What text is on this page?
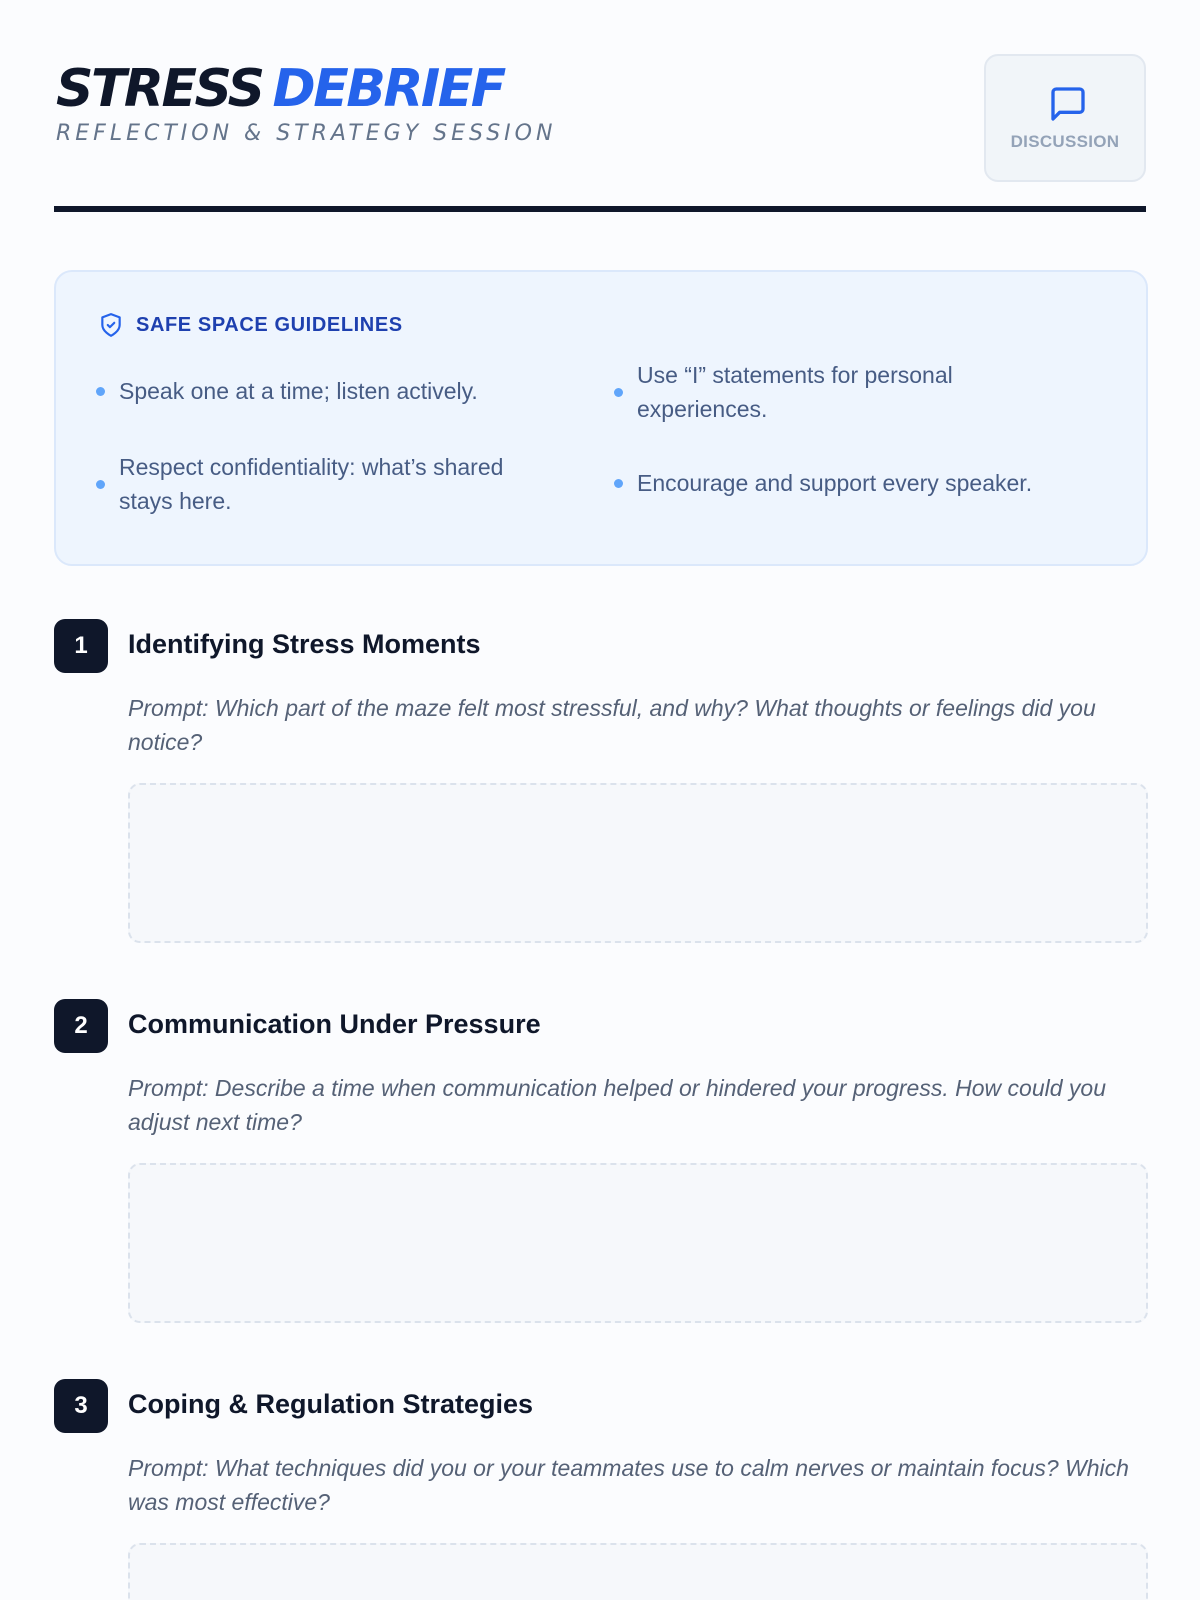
STRESS DEBRIEF
REFLECTION & STRATEGY SESSION	DISCUSSION
SAFE SPACE GUIDELINES
Speak one at a time; listen actively.
Use “I” statements for personal experiences.
Respect confidentiality: what’s shared stays here.
Encourage and support every speaker.
1	Identifying Stress Moments
Prompt: Which part of the maze felt most stressful, and why? What thoughts or feelings did you notice?
2	Communication Under Pressure
Prompt: Describe a time when communication helped or hindered your progress. How could you adjust next time?
3	Coping & Regulation Strategies
Prompt: What techniques did you or your teammates use to calm nerves or maintain focus? Which was most effective?
